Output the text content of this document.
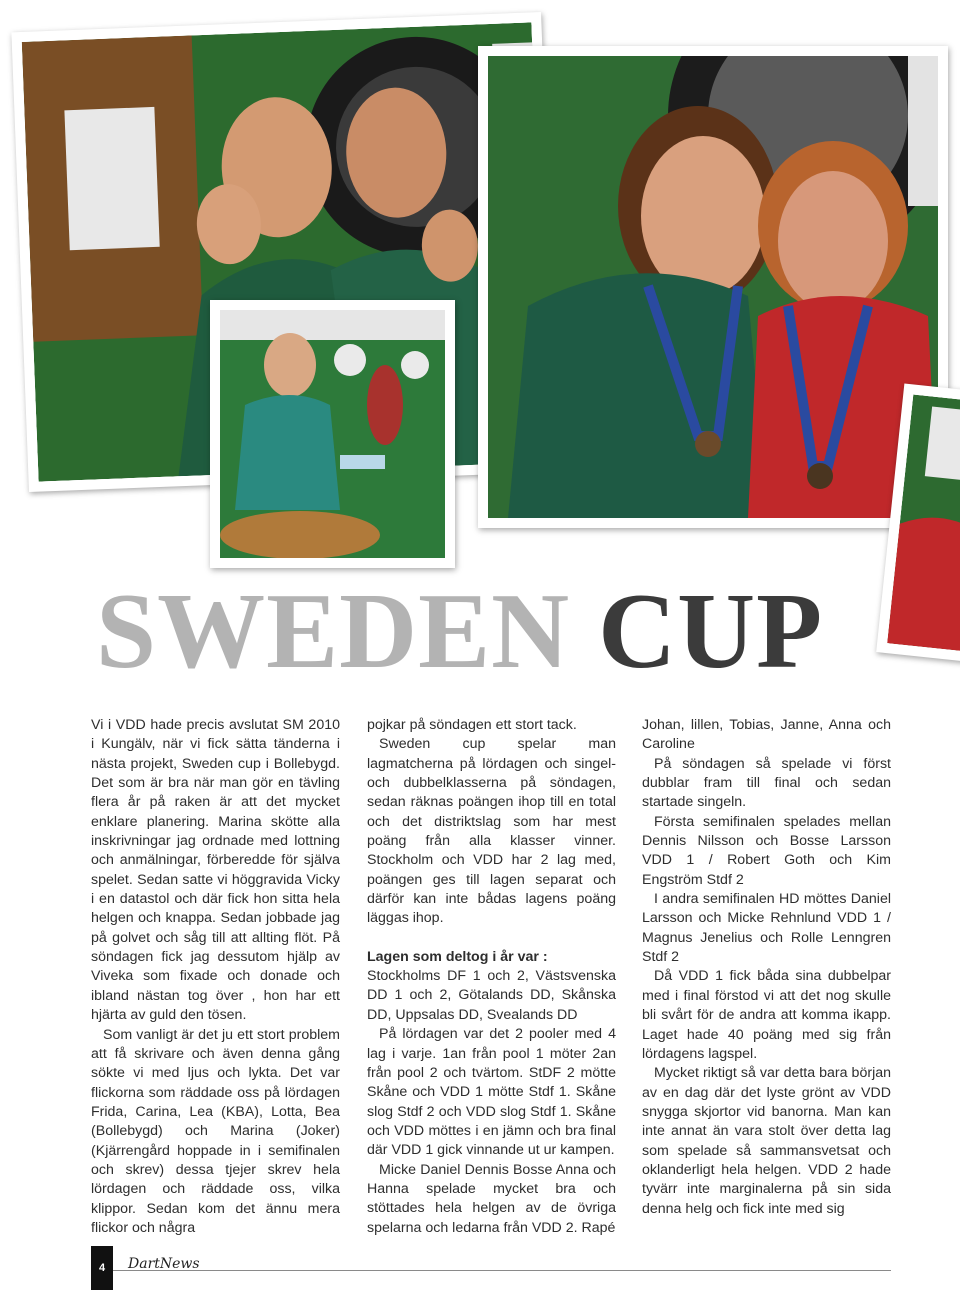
SWEDEN CUP

Vi i VDD hade precis avslutat SM 2010 i Kungälv, när vi fick sätta tänderna i nästa projekt, Sweden cup i Bollebygd. Det som är bra när man gör en tävling flera år på raken är att det mycket enklare planering. Marina skötte alla inskrivningar jag ordnade med lottning och anmälningar, förberedde för själva spelet. Sedan satte vi höggravida Vicky i en datastol och där fick hon sitta hela helgen och knappa. Sedan jobbade jag på golvet och såg till att allting flöt. På söndagen fick jag dessutom hjälp av Viveka som fixade och donade och ibland nästan tog över , hon har ett hjärta av guld den tösen.

Som vanligt är det ju ett stort problem att få skrivare och även denna gång sökte vi med ljus och lykta. Det var flickorna som räddade oss på lördagen Frida, Carina, Lea (KBA), Lotta, Bea (Bollebygd) och Marina (Joker) (Kjärrengård hoppade in i semifinalen och skrev) dessa tjejer skrev hela lördagen och räddade oss, vilka klippor. Sedan kom det ännu mera flickor och några

pojkar på söndagen ett stort tack.

Sweden cup spelar man lagmatcherna på lördagen och singel- och dubbelklasserna på söndagen, sedan räknas poängen ihop till en total och det distriktslag som har mest poäng från alla klasser vinner. Stockholm och VDD har 2 lag med, poängen ges till lagen separat och därför kan inte bådas lagens poäng läggas ihop.

Lagen som deltog i år var :

Stockholms DF 1 och 2, Västsvenska DD 1 och 2, Götalands DD, Skånska DD, Uppsalas DD, Svealands DD

På lördagen var det 2 pooler med 4 lag i varje. 1an från pool 1 möter 2an från pool 2 och tvärtom. StDF 2 mötte Skåne och VDD 1 mötte Stdf 1. Skåne slog Stdf 2 och VDD slog Stdf 1. Skåne och VDD möttes i en jämn och bra final där VDD 1 gick vinnande ut ur kampen.

Micke Daniel Dennis Bosse Anna och Hanna spelade mycket bra och stöttades hela helgen av de övriga spelarna och ledarna från VDD 2. Rapé

Johan, lillen, Tobias, Janne, Anna och Caroline

På söndagen så spelade vi först dubblar fram till final och sedan startade singeln.

Första semifinalen spelades mellan Dennis Nilsson och Bosse Larsson VDD 1 / Robert Goth och Kim Engström Stdf 2

I andra semifinalen HD möttes Daniel Larsson och Micke Rehnlund VDD 1 / Magnus Jenelius och Rolle Lenngren Stdf 2

Då VDD 1 fick båda sina dubbelpar med i final förstod vi att det nog skulle bli svårt för de andra att komma ikapp. Laget hade 40 poäng med sig från lördagens lagspel.

Mycket riktigt så var detta bara början av en dag där det lyste grönt av VDD snygga skjortor vid banorna. Man kan inte annat än vara stolt över detta lag som spelade så sammansvetsat och oklanderligt hela helgen. VDD 2 hade tyvärr inte marginalerna på sin sida denna helg och fick inte med sig

4	DartNews
